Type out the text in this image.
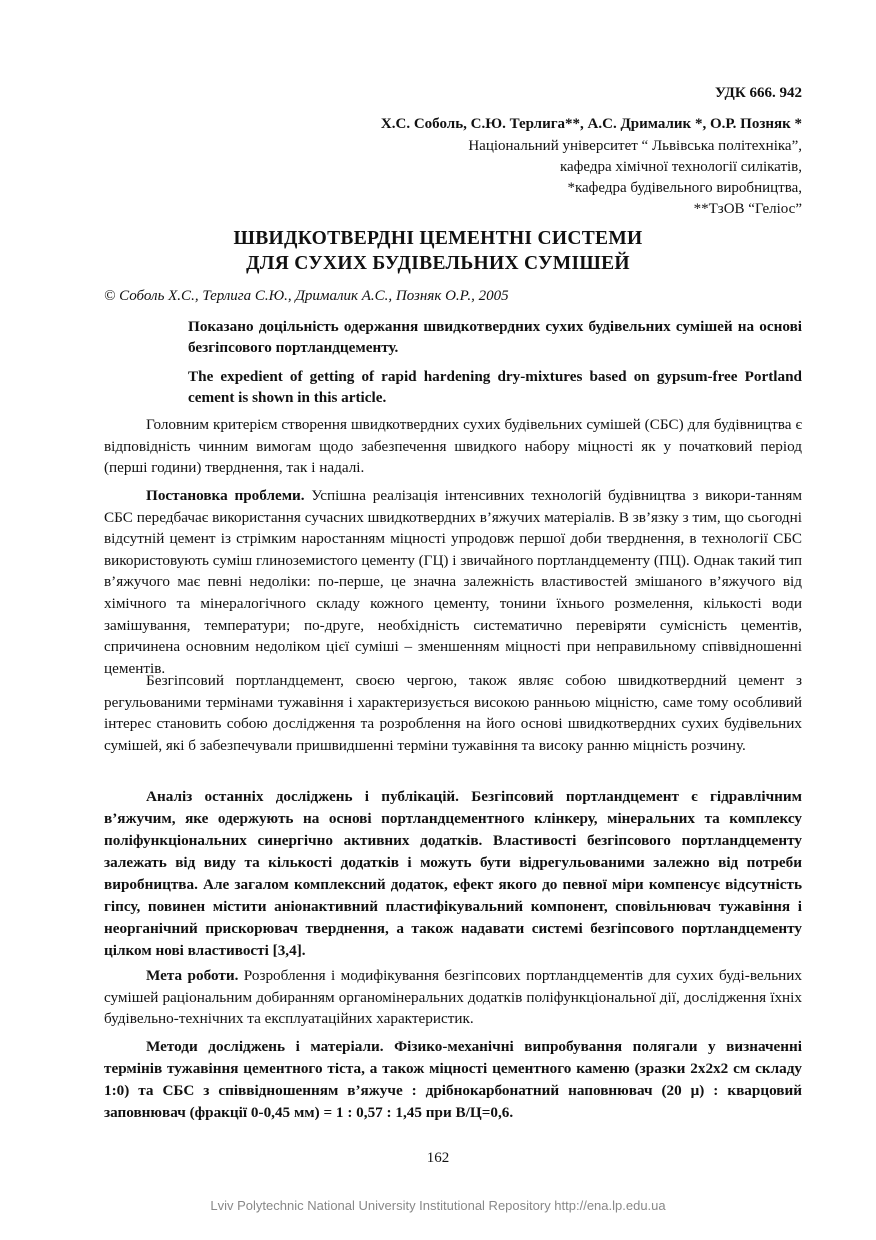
УДК 666. 942
Х.С. Соболь, С.Ю. Терлига**, А.С. Дрималик *, О.Р. Позняк *
Національний університет “ Львівська політехніка”,
кафедра хімічної технології силікатів,
*кафедра будівельного виробництва,
**ТзОВ “Геліос”
ШВИДКОТВЕРДНІ ЦЕМЕНТНІ СИСТЕМИ
ДЛЯ СУХИХ БУДІВЕЛЬНИХ СУМІШЕЙ
© Соболь Х.С., Терлига С.Ю., Дрималик А.С., Позняк О.Р., 2005
Показано доцільність одержання швидкотвердних сухих будівельних сумішей на основі безгіпсового портландцементу.
The expedient of getting of rapid hardening dry-mixtures based on gypsum-free Portland cement is shown in this article.

Головним критерієм створення швидкотвердних сухих будівельних сумішей (СБС) для будівництва є відповідність чинним вимогам щодо забезпечення швидкого набору міцності як у початковий період (перші години) тверднення, так і надалі.

Постановка проблеми. Успішна реалізація інтенсивних технологій будівництва з викори-танням СБС передбачає використання сучасних швидкотвердних в’яжучих матеріалів. В зв’язку з тим, що сьогодні відсутній цемент із стрімким наростанням міцності упродовж першої доби тверднення, в технології СБС використовують суміш глиноземистого цементу (ГЦ) і звичайного портландцементу (ПЦ). Однак такий тип в’яжучого має певні недоліки: по-перше, це значна залежність властивостей змішаного в’яжучого від хімічного та мінералогічного складу кожного цементу, тонини їхнього розмелення, кількості води замішування, температури; по-друге, необхідність систематично перевіряти сумісність цементів, спричинена основним недоліком цієї суміші – зменшенням міцності при неправильному співвідношенні цементів.

Безгіпсовий портландцемент, своєю чергою, також являє собою швидкотвердний цемент з регульованими термінами тужавіння і характеризується високою ранньою міцністю, саме тому особливий інтерес становить собою дослідження та розроблення на його основі швидкотвердних сухих будівельних сумішей, які б забезпечували пришвидшенні терміни тужавіння та високу ранню міцність розчину.

Аналіз останніх досліджень і публікацій. Безгіпсовий портландцемент є гідравлічним в’яжучим, яке одержують на основі портландцементного клінкеру, мінеральних та комплексу поліфункціональних синергічно активних додатків. Властивості безгіпсового портландцементу залежать від виду та кількості додатків і можуть бути відрегульованими залежно від потреби виробництва. Але загалом комплексний додаток, ефект якого до певної міри компенсує відсутність гіпсу, повинен містити аніонактивний пластифікувальний компонент, сповільнювач тужавіння і неорганічний прискорювач тверднення, а також надавати системі безгіпсового портландцементу цілком нові властивості [3,4].

Мета роботи. Розроблення і модифікування безгіпсових портландцементів для сухих буді-вельних сумішей раціональним добиранням органомінеральних додатків поліфункціональної дії, дослідження їхніх будівельно-технічних та експлуатаційних характеристик.

Методи досліджень і матеріали. Фізико-механічні випробування полягали у визначенні термінів тужавіння цементного тіста, а також міцності цементного каменю (зразки 2х2х2 см складу 1:0) та СБС з співвідношенням в’яжуче : дрібнокарбонатний наповнювач (20 μ) : кварцовий заповнювач (фракції 0-0,45 мм) = 1 : 0,57 : 1,45 при В/Ц=0,6.

162
Lviv Polytechnic National University Institutional Repository http://ena.lp.edu.ua
